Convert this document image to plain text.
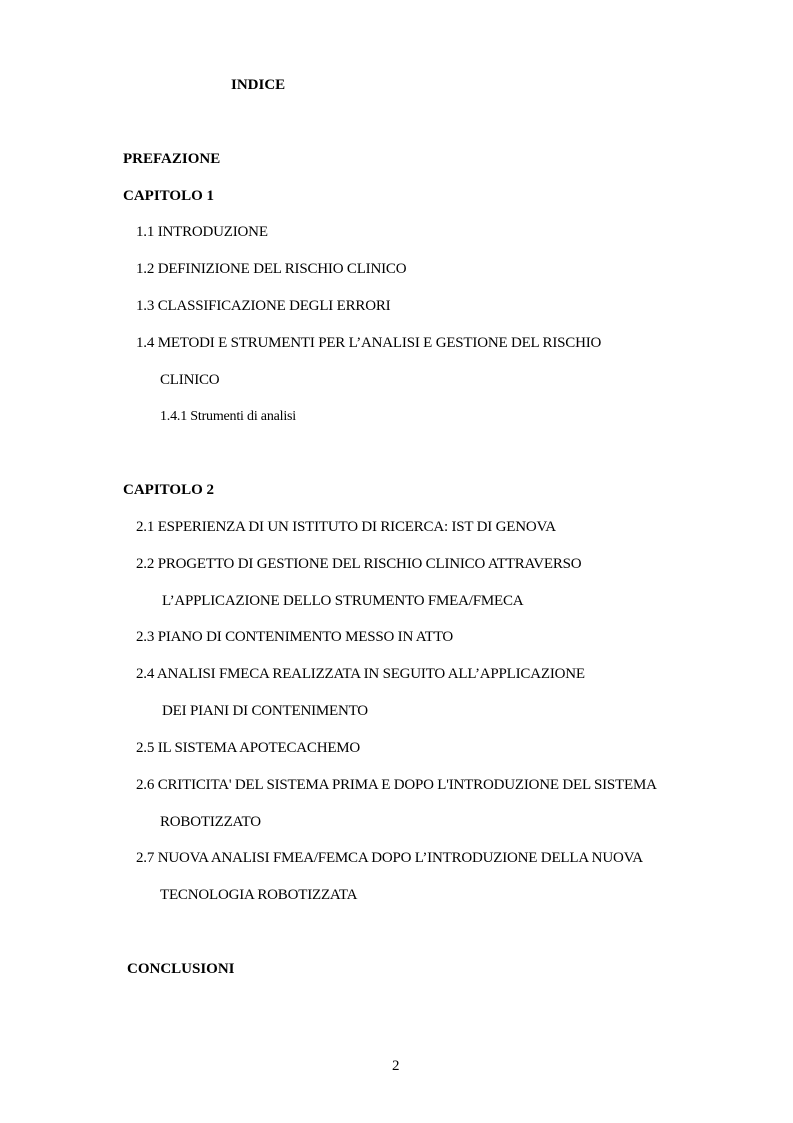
INDICE
PREFAZIONE
CAPITOLO 1
1.1 INTRODUZIONE
1.2 DEFINIZIONE DEL RISCHIO CLINICO
1.3 CLASSIFICAZIONE DEGLI ERRORI
1.4 METODI E STRUMENTI PER L’ANALISI E GESTIONE DEL RISCHIO
CLINICO
1.4.1 Strumenti di analisi
CAPITOLO 2
2.1 ESPERIENZA DI UN ISTITUTO DI RICERCA: IST DI GENOVA
2.2 PROGETTO DI GESTIONE DEL RISCHIO CLINICO ATTRAVERSO
L’APPLICAZIONE DELLO STRUMENTO FMEA/FMECA
2.3 PIANO DI CONTENIMENTO MESSO IN ATTO
2.4 ANALISI FMECA REALIZZATA IN SEGUITO ALL’APPLICAZIONE
DEI PIANI DI CONTENIMENTO
2.5 IL SISTEMA APOTECACHEMO
2.6 CRITICITA' DEL SISTEMA PRIMA E DOPO L'INTRODUZIONE DEL SISTEMA
ROBOTIZZATO
2.7 NUOVA ANALISI FMEA/FEMCA DOPO L’INTRODUZIONE DELLA NUOVA
TECNOLOGIA ROBOTIZZATA
CONCLUSIONI
2
